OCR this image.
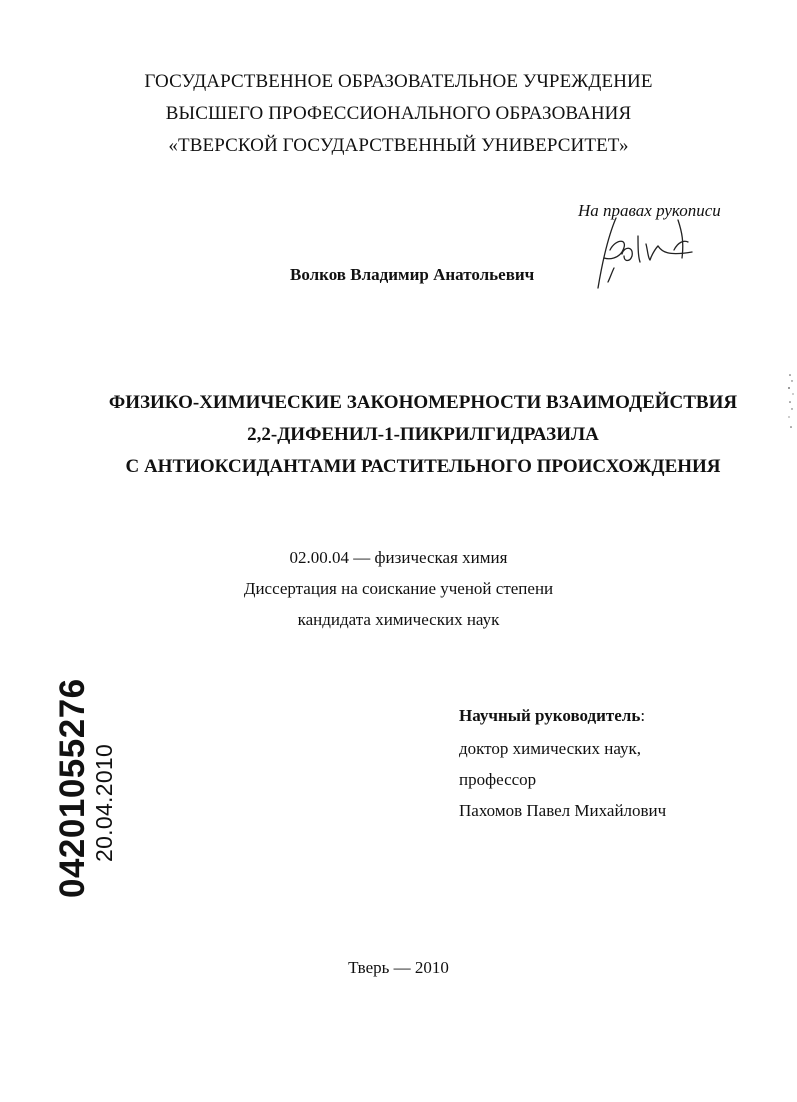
ГОСУДАРСТВЕННОЕ ОБРАЗОВАТЕЛЬНОЕ УЧРЕЖДЕНИЕ
ВЫСШЕГО ПРОФЕССИОНАЛЬНОГО ОБРАЗОВАНИЯ
«ТВЕРСКОЙ ГОСУДАРСТВЕННЫЙ УНИВЕРСИТЕТ»
На правах рукописи
Волков Владимир Анатольевич
ФИЗИКО-ХИМИЧЕСКИЕ ЗАКОНОМЕРНОСТИ ВЗАИМОДЕЙСТВИЯ
2,2-ДИФЕНИЛ-1-ПИКРИЛГИДРАЗИЛА
С АНТИОКСИДАНТАМИ РАСТИТЕЛЬНОГО ПРОИСХОЖДЕНИЯ
02.00.04 — физическая химия
Диссертация на соискание ученой степени
кандидата химических наук
Научный руководитель:
доктор химических наук,
профессор
Пахомов Павел Михайлович
04201055276 20.04.2010
Тверь — 2010
